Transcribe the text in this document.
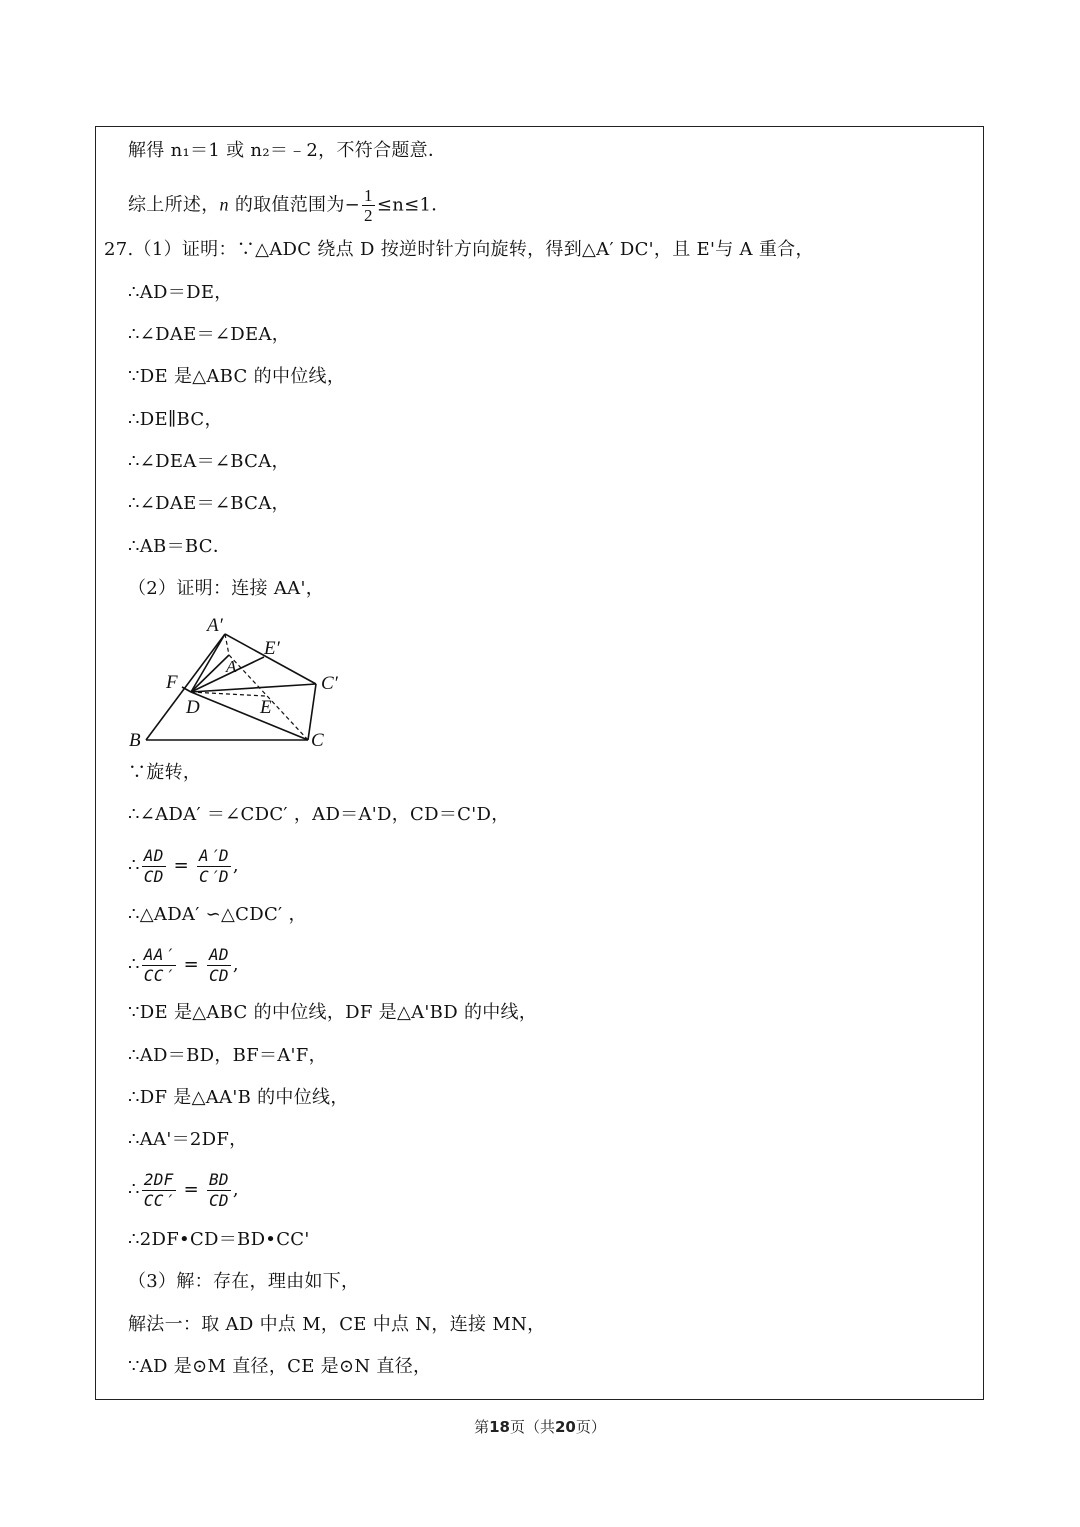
解得 n₁＝1 或 n₂＝﹣2，不符合题意．
综上所述，n 的取值范围为− $\frac{1}{2} \le n\le 1$．
27.（1）证明：∵△ADC 绕点 D 按逆时针方向旋转，得到△A′ DC'，且 E'与 A 重合，
∴AD＝DE，
∴∠DAE＝∠DEA，
∵DE 是△ABC 的中位线，
∴DE∥BC，
∴∠DEA＝∠BCA，
∴∠DAE＝∠BCA，
∴AB＝BC．
（2）证明：连接 AA'，
A′
E′
A
F	C′
D	E
B	C
∵旋转，
∴∠ADA′ ＝∠CDC′ ，AD＝A'D，CD＝C'D，
∴ $\frac{AD}{CD} = \frac{A'D}{C'D}$ ,
∴△ADA′ ∽△CDC′ ，
∴ $\frac{AA'}{CC'} = \frac{AD}{CD}$ ,
∵DE 是△ABC 的中位线，DF 是△A'BD 的中线，
∴AD＝BD，BF＝A'F，
∴DF 是△AA'B 的中位线，
∴AA'＝2DF，
∴ $\frac{2DF}{CC'} = \frac{BD}{CD}$ ,
∴2DF•CD＝BD•CC'
（3）解：存在，理由如下，
解法一：取 AD 中点 M，CE 中点 N，连接 MN，
∵AD 是⊙M 直径，CE 是⊙N 直径，
第18页（共20页）
